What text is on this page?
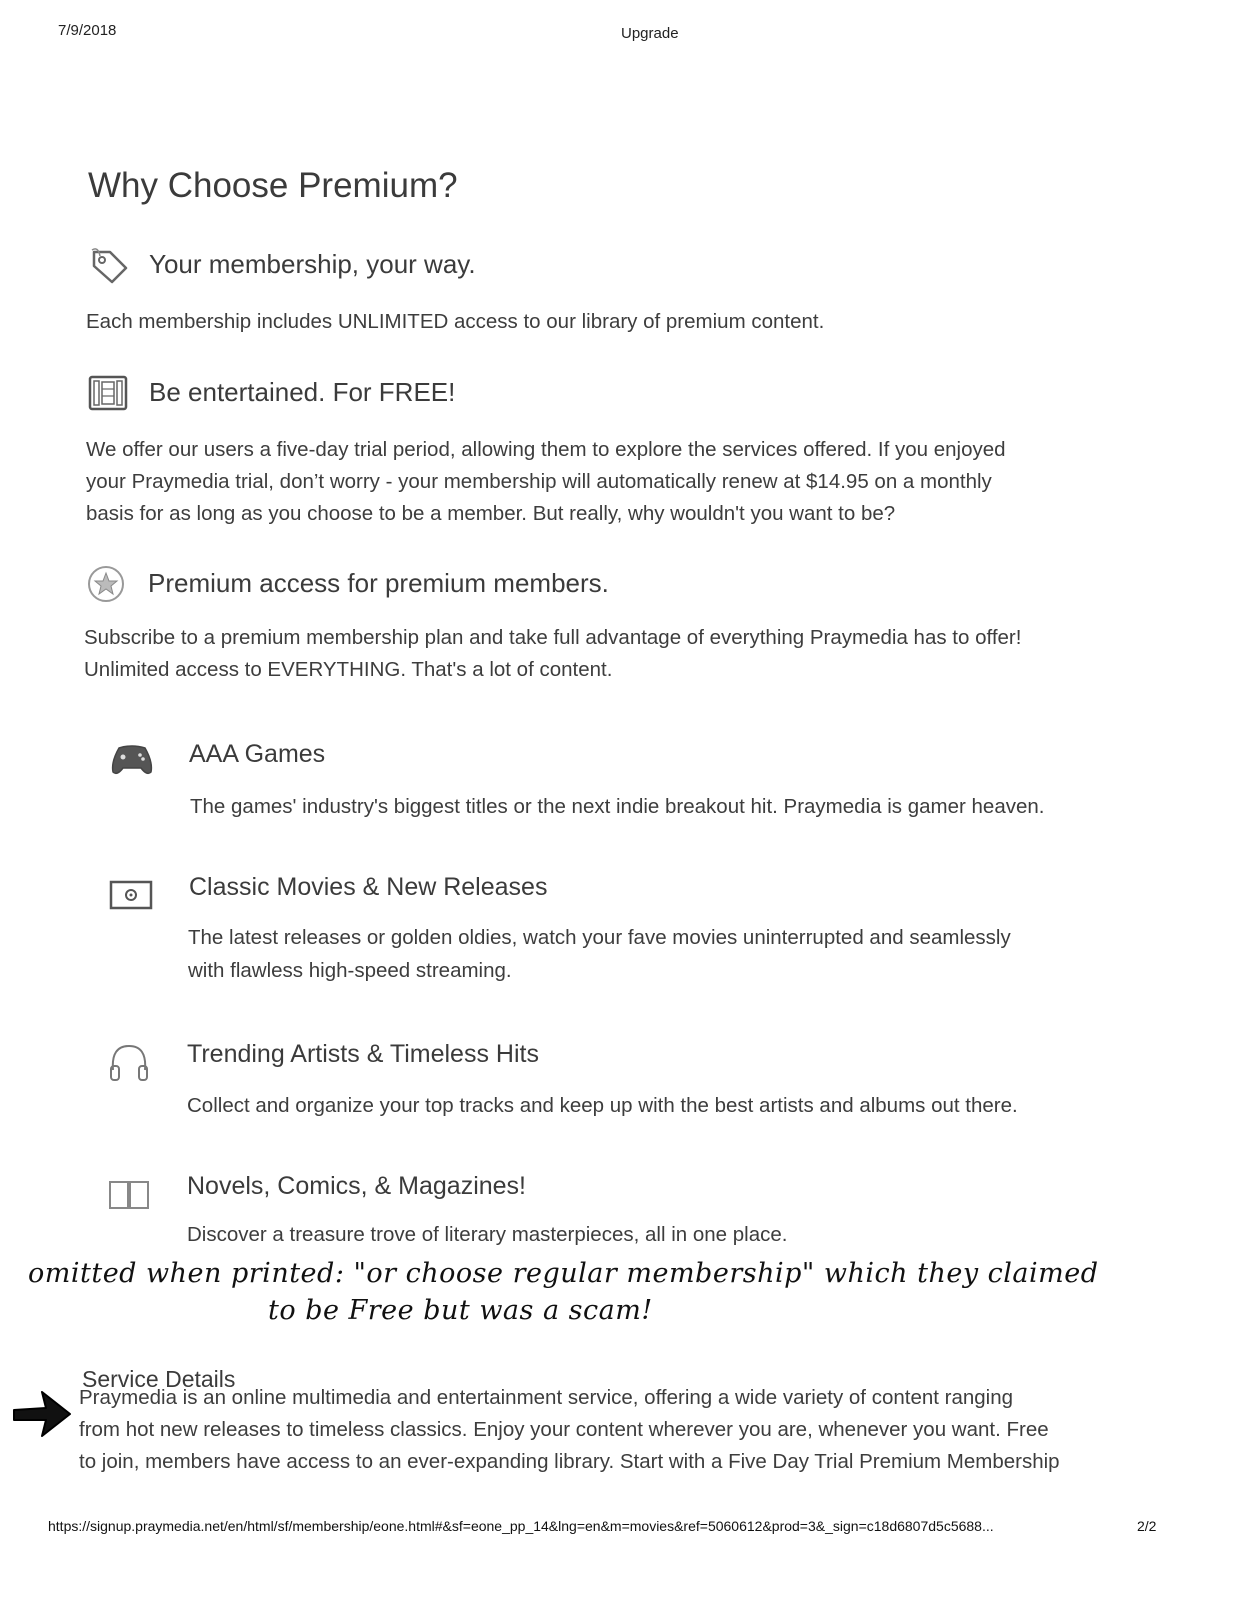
7/9/2018	Upgrade
Why Choose Premium?
Your membership, your way.
Each membership includes UNLIMITED access to our library of premium content.
Be entertained. For FREE!
We offer our users a five-day trial period, allowing them to explore the services offered. If you enjoyed
your Praymedia trial, don’t worry - your membership will automatically renew at $14.95 on a monthly
basis for as long as you choose to be a member. But really, why wouldn't you want to be?
Premium access for premium members.
Subscribe to a premium membership plan and take full advantage of everything Praymedia has to offer!
Unlimited access to EVERYTHING. That's a lot of content.
AAA Games
The games' industry's biggest titles or the next indie breakout hit. Praymedia is gamer heaven.
Classic Movies & New Releases
The latest releases or golden oldies, watch your fave movies uninterrupted and seamlessly
with flawless high-speed streaming.
Trending Artists & Timeless Hits
Collect and organize your top tracks and keep up with the best artists and albums out there.
Novels, Comics, & Magazines!
Discover a treasure trove of literary masterpieces, all in one place.
omitted when printed: "or choose regular membership" which they claimed
to be Free but was a scam!
Service Details
Praymedia is an online multimedia and entertainment service, offering a wide variety of content ranging
from hot new releases to timeless classics. Enjoy your content wherever you are, whenever you want. Free
to join, members have access to an ever-expanding library. Start with a Five Day Trial Premium Membership
https://signup.praymedia.net/en/html/sf/membership/eone.html#&sf=eone_pp_14&lng=en&m=movies&ref=5060612&prod=3&_sign=c18d6807d5c5688...	2/2
